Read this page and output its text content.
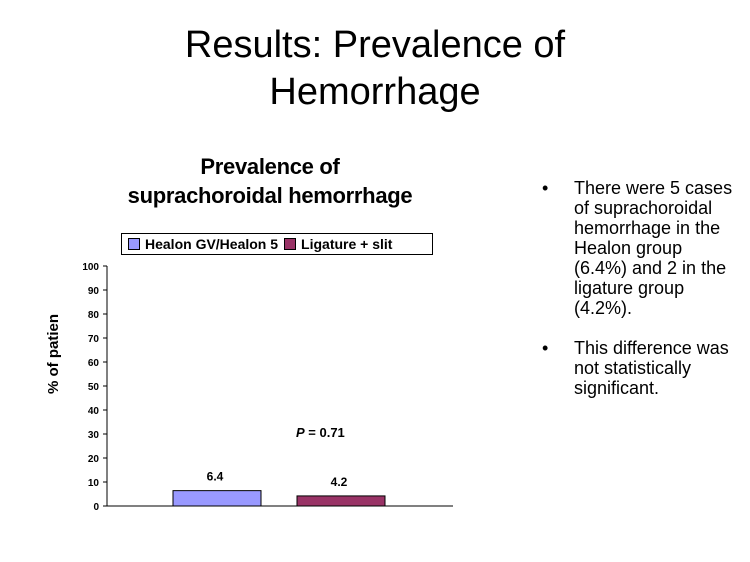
Results: Prevalence of
Hemorrhage
Prevalence of
suprachoroidal hemorrhage
Healon GV/Healon 5 Ligature + slit
0
10
20
30
40
50
60
70
80
90
100
% of patien
6.4	4.2
P = 0.71
• There were 5 cases of suprachoroidal hemorrhage in the Healon group (6.4%) and 2 in the ligature group (4.2%).
• This difference was not statistically significant.
